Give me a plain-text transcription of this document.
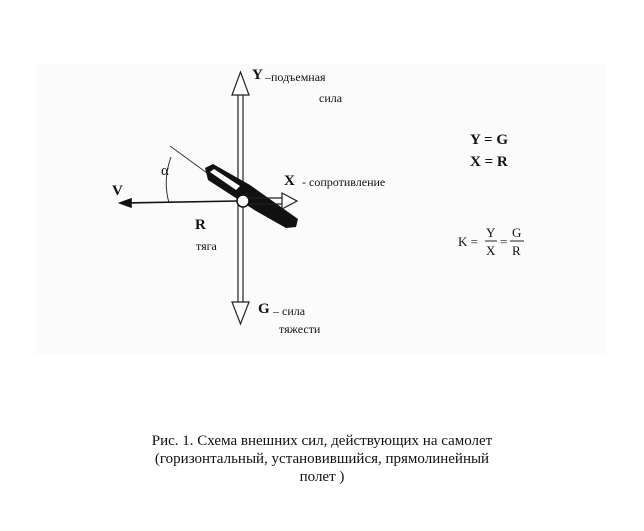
Y –подъемная
сила
X - сопротивление
V
R
тяга
G – сила
тяжести
α
Y = G
X = R
K =
Y
X
=
G
R
Рис. 1. Схема внешних сил, действующих на самолет
(горизонтальный, установившийся, прямолинейный
полет )
